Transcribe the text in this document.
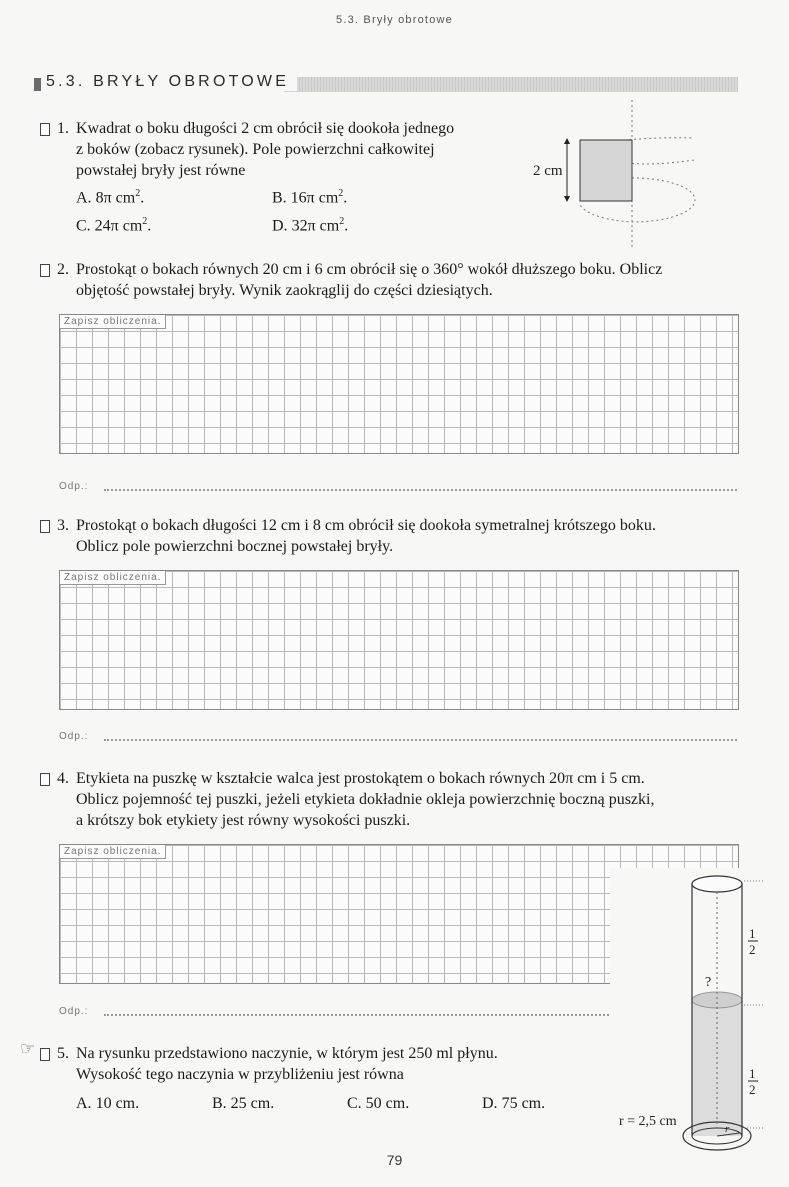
5.3. Bryły obrotowe
5.3. BRYŁY OBROTOWE
1. Kwadrat o boku długości 2 cm obrócił się dookoła jednego
z boków (zobacz rysunek). Pole powierzchni całkowitej
powstałej bryły jest równe
A. 8π $cm^2$.	B. 16π $cm^2$.
C. 24π $cm^2$.	D. 32π $cm^2$.
2 cm
2. Prostokąt o bokach równych 20 cm i 6 cm obrócił się o 360° wokół dłuższego boku. Oblicz
objętość powstałej bryły. Wynik zaokrąglij do części dziesiątych.
Zapisz obliczenia.
Odp.:
3. Prostokąt o bokach długości 12 cm i 8 cm obrócił się dookoła symetralnej krótszego boku.
Oblicz pole powierzchni bocznej powstałej bryły.
Zapisz obliczenia.
Odp.:
4. Etykieta na puszkę w kształcie walca jest prostokątem o bokach równych 20π cm i 5 cm.
Oblicz pojemność tej puszki, jeżeli etykieta dokładnie okleja powierzchnię boczną puszki,
a krótszy bok etykiety jest równy wysokości puszki.
Zapisz obliczenia.
Odp.:
☞ 5. Na rysunku przedstawiono naczynie, w którym jest 250 ml płynu.
Wysokość tego naczynia w przybliżeniu jest równa
A. 10 cm.	B. 25 cm.	C. 50 cm.	D. 75 cm.
?
1
2
1
2
r = 2,5 cm	r
79
